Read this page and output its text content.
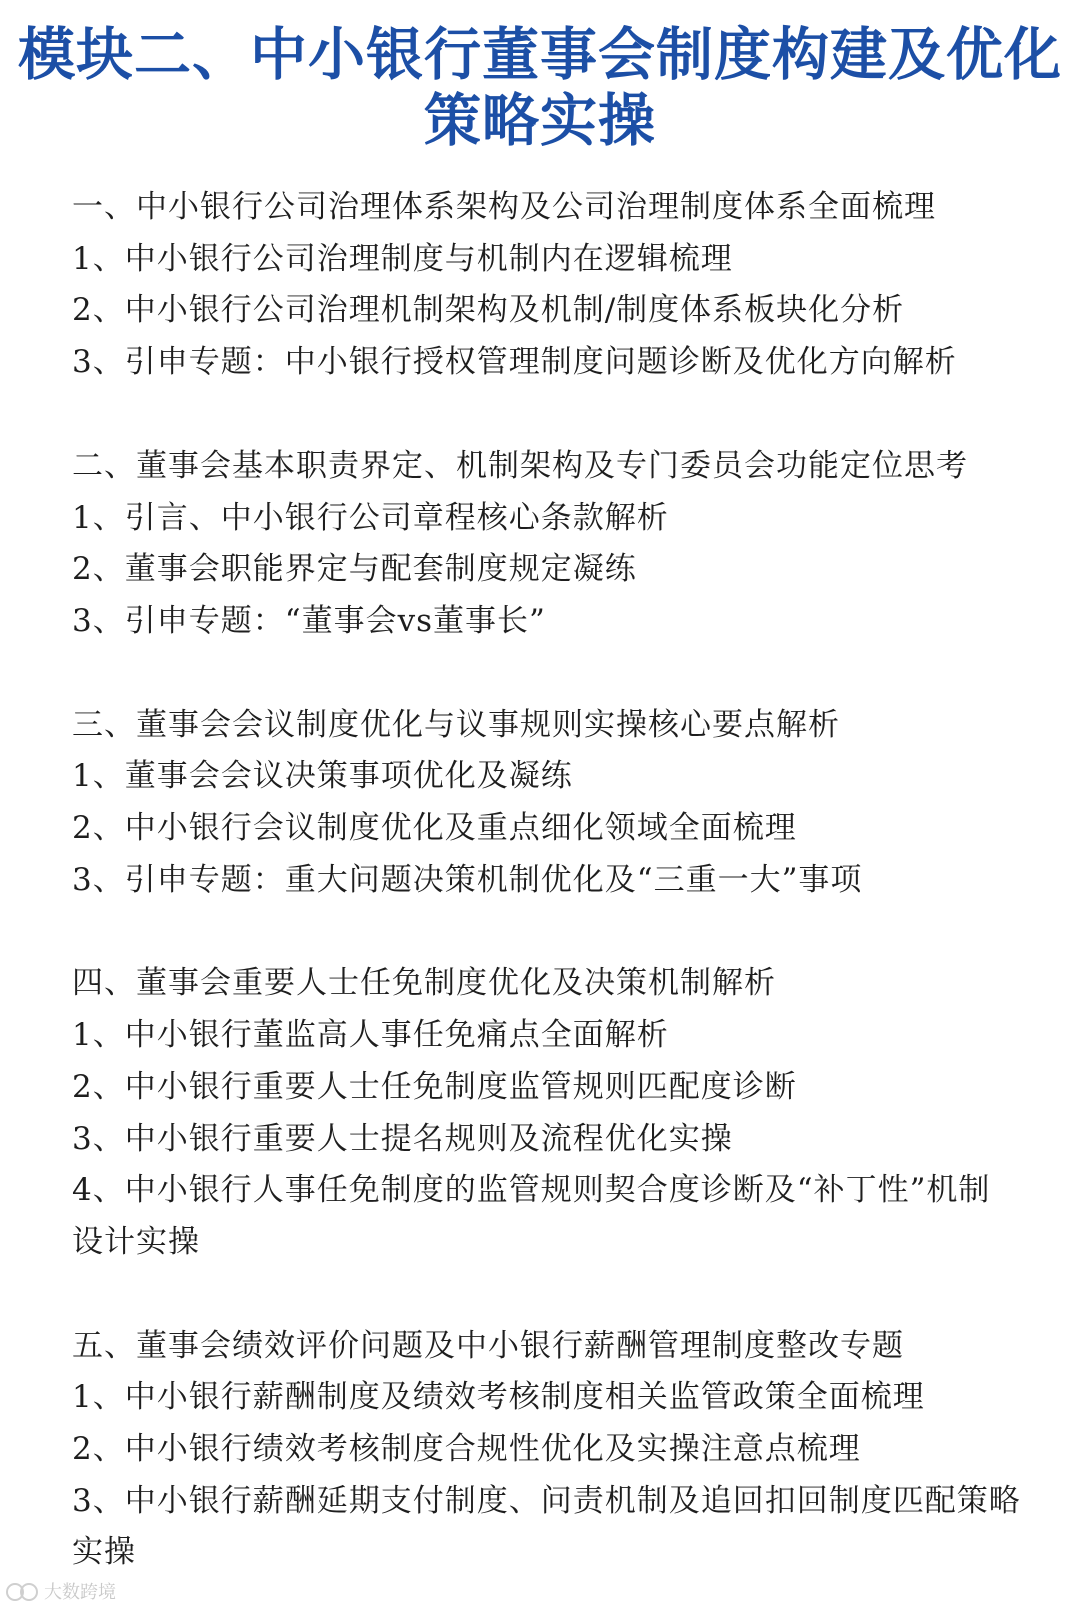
模块二、中小银行董事会制度构建及优化
策略实操
一、中小银行公司治理体系架构及公司治理制度体系全面梳理
1、中小银行公司治理制度与机制内在逻辑梳理
2、中小银行公司治理机制架构及机制/制度体系板块化分析
3、引申专题：中小银行授权管理制度问题诊断及优化方向解析
二、董事会基本职责界定、机制架构及专门委员会功能定位思考
1、引言、中小银行公司章程核心条款解析
2、董事会职能界定与配套制度规定凝练
3、引申专题：“董事会vs董事长”
三、董事会会议制度优化与议事规则实操核心要点解析
1、董事会会议决策事项优化及凝练
2、中小银行会议制度优化及重点细化领域全面梳理
3、引申专题：重大问题决策机制优化及“三重一大”事项
四、董事会重要人士任免制度优化及决策机制解析
1、中小银行董监高人事任免痛点全面解析
2、中小银行重要人士任免制度监管规则匹配度诊断
3、中小银行重要人士提名规则及流程优化实操
4、中小银行人事任免制度的监管规则契合度诊断及“补丁性”机制设计实操
五、董事会绩效评价问题及中小银行薪酬管理制度整改专题
1、中小银行薪酬制度及绩效考核制度相关监管政策全面梳理
2、中小银行绩效考核制度合规性优化及实操注意点梳理
3、中小银行薪酬延期支付制度、问责机制及追回扣回制度匹配策略实操
大数跨境
